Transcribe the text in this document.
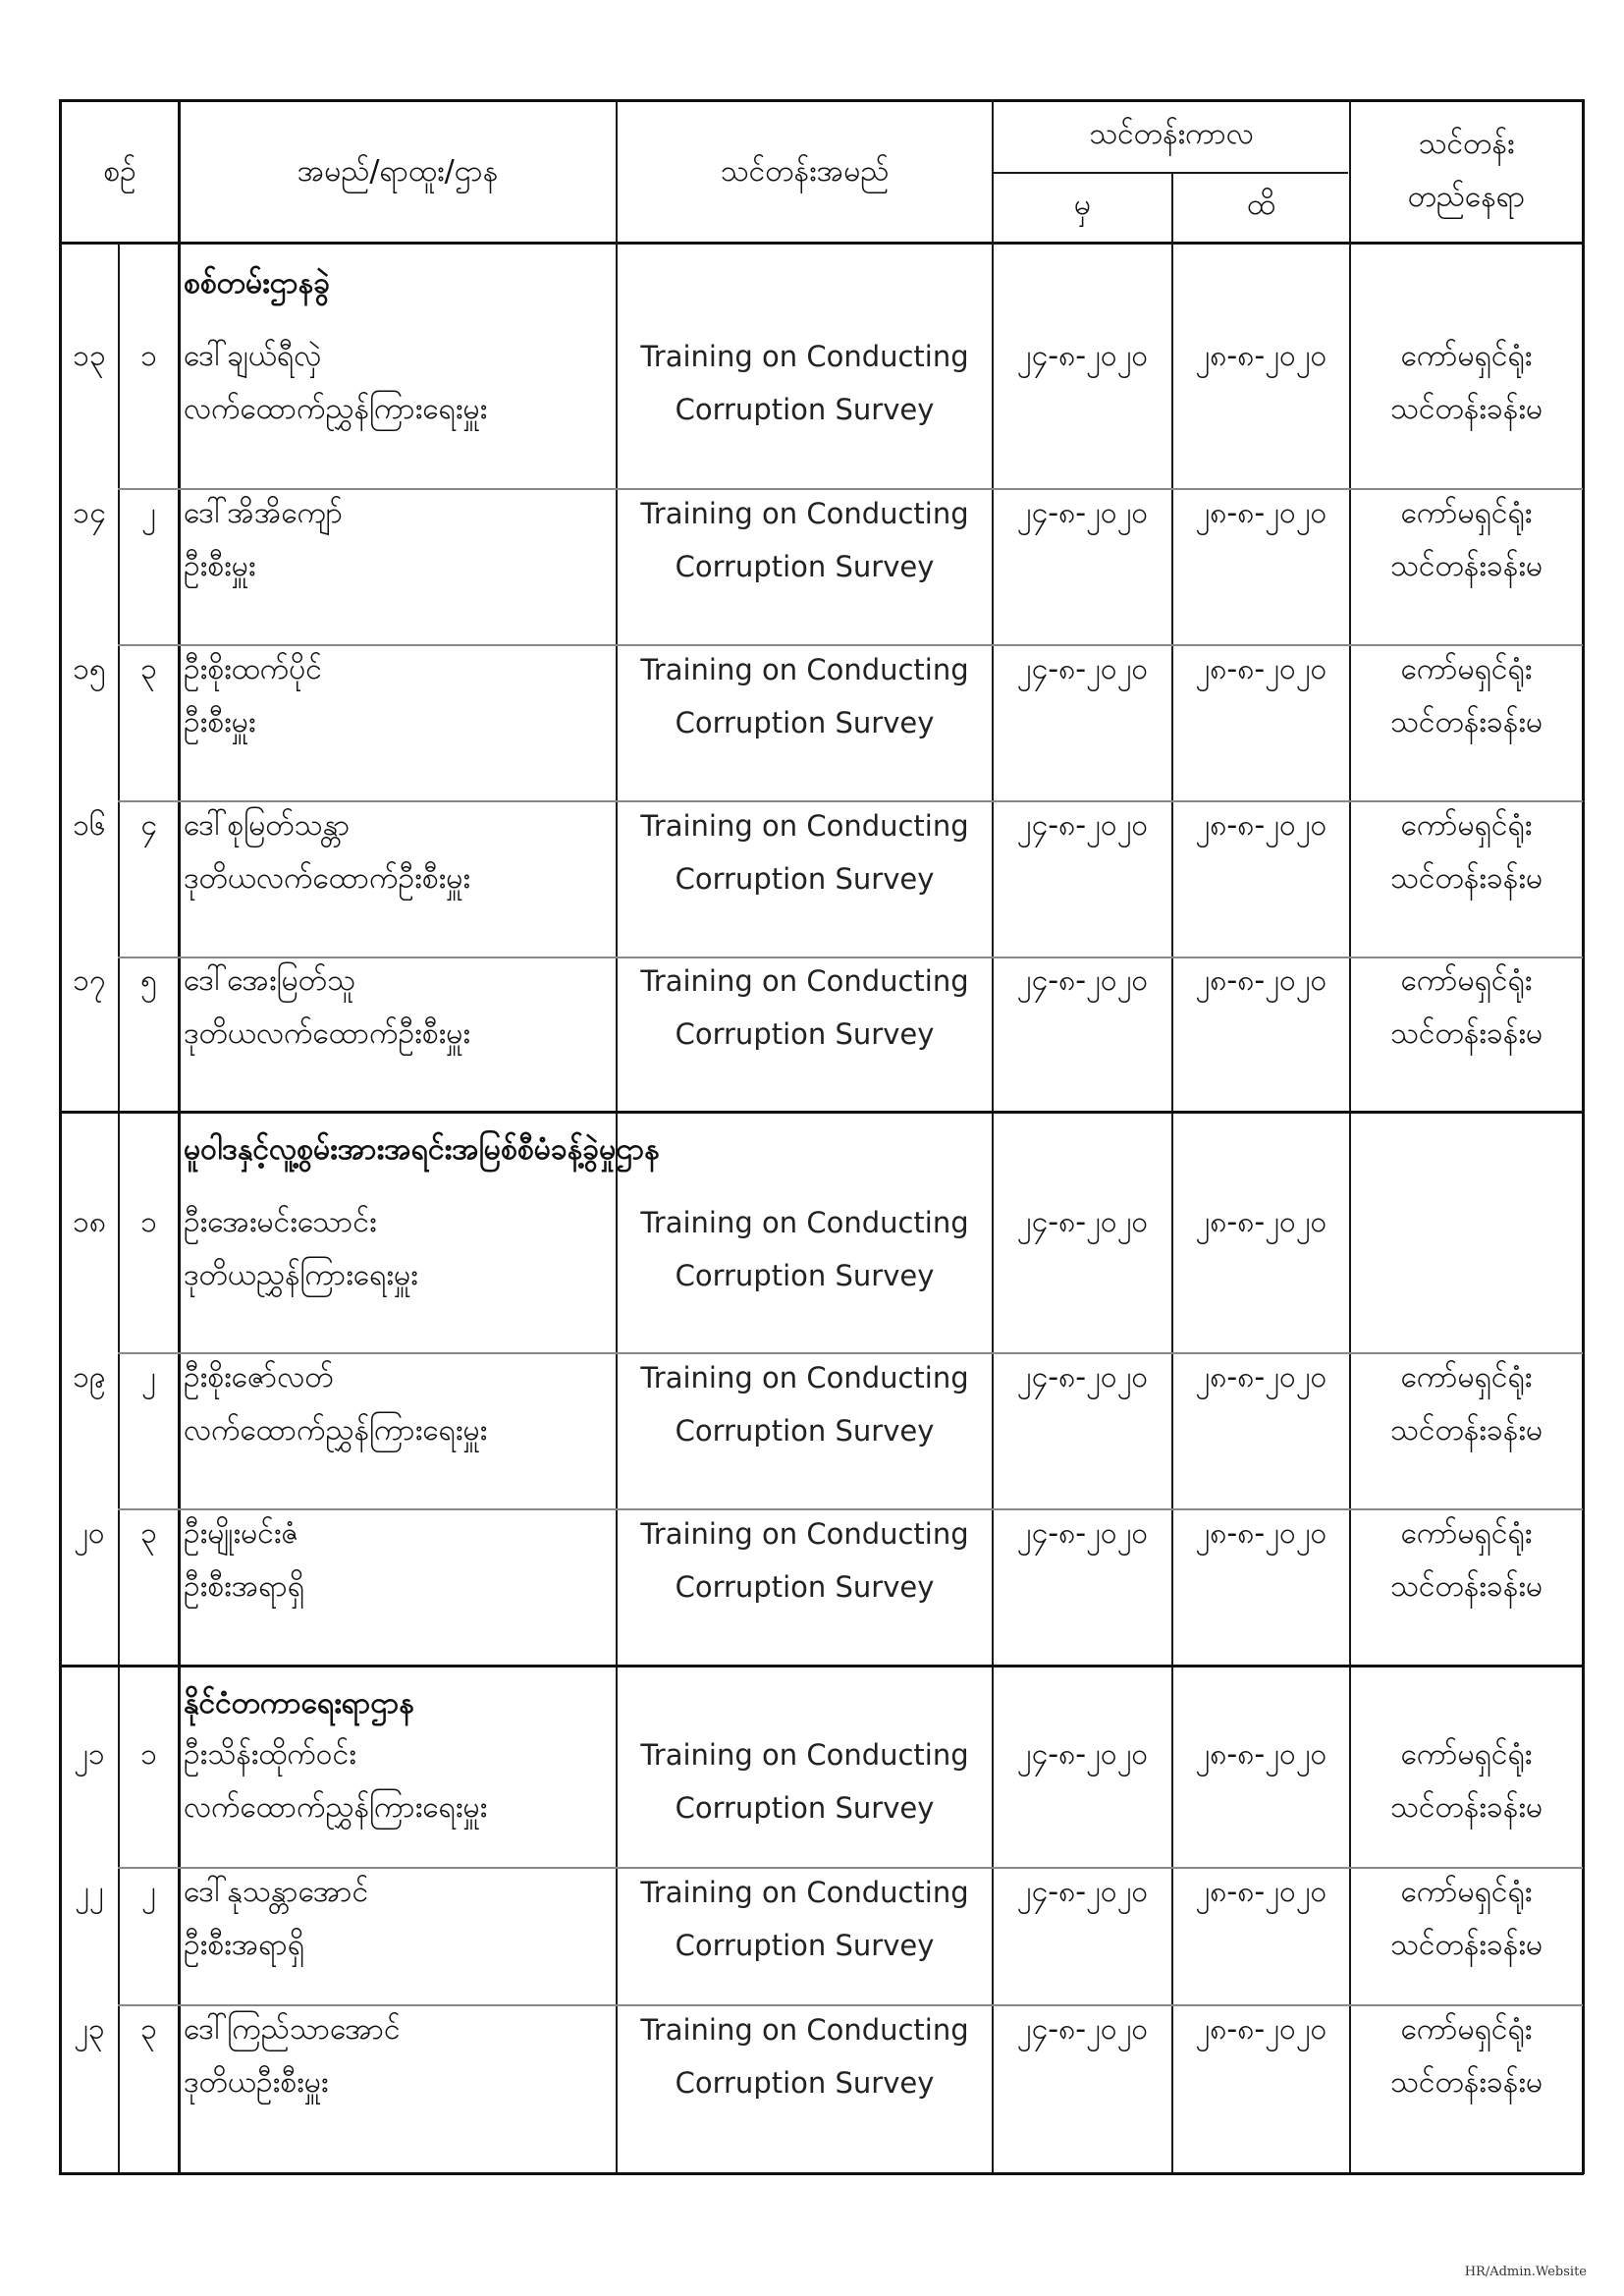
စဉ်	အမည်/ရာထူး/ဌာန	သင်တန်းအမည်
သင်တန်းကာလ
မှ	ထိ
သင်တန်း
တည်နေရာ
စစ်တမ်းဌာနခွဲ
၁၃	၁ ဒေါ်ချယ်ရီလှဲ
လက်ထောက်ညွှန်ကြားရေးမှူး
Training on Conducting
Corruption Survey
၂၄-၈-၂၀၂၀	၂၈-၈-၂၀၂၀	ကော်မရှင်ရုံး
သင်တန်းခန်းမ
၁၄	၂ ဒေါ်အိအိကျော်
ဦးစီးမှူး
Training on Conducting
Corruption Survey
၂၄-၈-၂၀၂၀	၂၈-၈-၂၀၂၀	ကော်မရှင်ရုံး
သင်တန်းခန်းမ
၁၅	၃ ဦးစိုးထက်ပိုင်
ဦးစီးမှူး
Training on Conducting
Corruption Survey
၂၄-၈-၂၀၂၀	၂၈-၈-၂၀၂၀	ကော်မရှင်ရုံး
သင်တန်းခန်းမ
၁၆	၄ ဒေါ်စုမြတ်သန္တာ
ဒုတိယလက်ထောက်ဦးစီးမှူး
Training on Conducting
Corruption Survey
၂၄-၈-၂၀၂၀	၂၈-၈-၂၀၂၀	ကော်မရှင်ရုံး
သင်တန်းခန်းမ
၁၇	၅ ဒေါ်အေးမြတ်သူ
ဒုတိယလက်ထောက်ဦးစီးမှူး
Training on Conducting
Corruption Survey
၂၄-၈-၂၀၂၀	၂၈-၈-၂၀၂၀	ကော်မရှင်ရုံး
သင်တန်းခန်းမ
မူဝါဒနှင့်လူ့စွမ်းအားအရင်းအမြစ်စီမံခန့်ခွဲမှုဌာန
၁၈	၁ ဦးအေးမင်းသောင်း
ဒုတိယညွှန်ကြားရေးမှူး
Training on Conducting
Corruption Survey
၂၄-၈-၂၀၂၀	၂၈-၈-၂၀၂၀
၁၉	၂ ဦးစိုးဇော်လတ်
လက်ထောက်ညွှန်ကြားရေးမှူး
Training on Conducting
Corruption Survey
၂၄-၈-၂၀၂၀	၂၈-၈-၂၀၂၀	ကော်မရှင်ရုံး
သင်တန်းခန်းမ
၂၀	၃ ဦးမျိုးမင်းဇံ
ဦးစီးအရာရှိ
Training on Conducting
Corruption Survey
၂၄-၈-၂၀၂၀	၂၈-၈-၂၀၂၀	ကော်မရှင်ရုံး
သင်တန်းခန်းမ
နိုင်ငံတကာရေးရာဌာန
၂၁	၁ ဦးသိန်းထိုက်ဝင်း
လက်ထောက်ညွှန်ကြားရေးမှူး
Training on Conducting
Corruption Survey
၂၄-၈-၂၀၂၀	၂၈-၈-၂၀၂၀	ကော်မရှင်ရုံး
သင်တန်းခန်းမ
၂၂	၂ ဒေါ်နုသန္တာအောင်
ဦးစီးအရာရှိ
Training on Conducting
Corruption Survey
၂၄-၈-၂၀၂၀	၂၈-၈-၂၀၂၀	ကော်မရှင်ရုံး
သင်တန်းခန်းမ
၂၃	၃ ဒေါ်ကြည်သာအောင်
ဒုတိယဦးစီးမှူး
Training on Conducting
Corruption Survey
၂၄-၈-၂၀၂၀	၂၈-၈-၂၀၂၀	ကော်မရှင်ရုံး
သင်တန်းခန်းမ
HR/Admin.Website
